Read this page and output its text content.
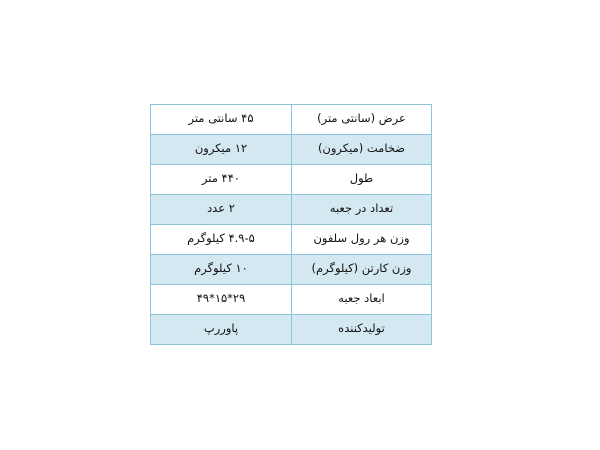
عرض (سانتی متر)	۴۵ سانتی متر
ضخامت (میکرون)	۱۲ میکرون
طول	۴۴۰ متر
تعداد در جعبه	۲ عدد
وزن هر رول سلفون	۴.۹-۵ کیلوگرم
وزن کارتن (کیلوگرم)	۱۰ کیلوگرم
ابعاد جعبه	۲۹*۱۵*۴۹
تولیدکننده	پاوررپ
